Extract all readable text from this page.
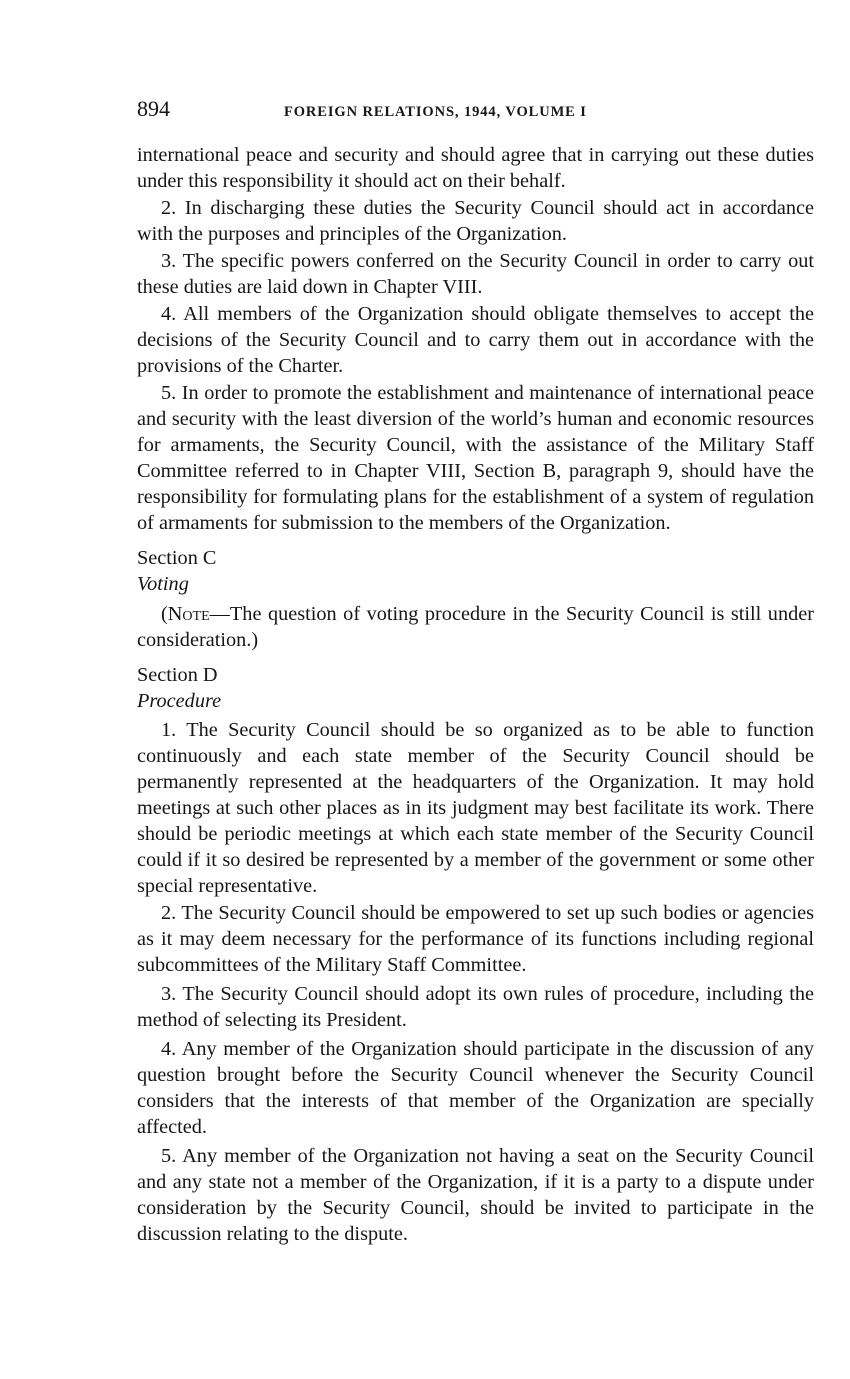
894	FOREIGN RELATIONS, 1944, VOLUME I

international peace and security and should agree that in carrying out these duties under this responsibility it should act on their behalf.

2. In discharging these duties the Security Council should act in accordance with the purposes and principles of the Organization.

3. The specific powers conferred on the Security Council in order to carry out these duties are laid down in Chapter VIII.

4. All members of the Organization should obligate themselves to accept the decisions of the Security Council and to carry them out in accordance with the provisions of the Charter.

5. In order to promote the establishment and maintenance of international peace and security with the least diversion of the world’s human and economic resources for armaments, the Security Council, with the assistance of the Military Staff Committee referred to in Chapter VIII, Section B, paragraph 9, should have the responsibility for formulating plans for the establishment of a system of regulation of armaments for submission to the members of the Organization.

Section C

Voting

(Note—The question of voting procedure in the Security Council is still under consideration.)

Section D

Procedure

1. The Security Council should be so organized as to be able to function continuously and each state member of the Security Council should be permanently represented at the headquarters of the Organization. It may hold meetings at such other places as in its judgment may best facilitate its work. There should be periodic meetings at which each state member of the Security Council could if it so desired be represented by a member of the government or some other special representative.

2. The Security Council should be empowered to set up such bodies or agencies as it may deem necessary for the performance of its functions including regional subcommittees of the Military Staff Committee.

3. The Security Council should adopt its own rules of procedure, including the method of selecting its President.

4. Any member of the Organization should participate in the discussion of any question brought before the Security Council whenever the Security Council considers that the interests of that member of the Organization are specially affected.

5. Any member of the Organization not having a seat on the Security Council and any state not a member of the Organization, if it is a party to a dispute under consideration by the Security Council, should be invited to participate in the discussion relating to the dispute.
